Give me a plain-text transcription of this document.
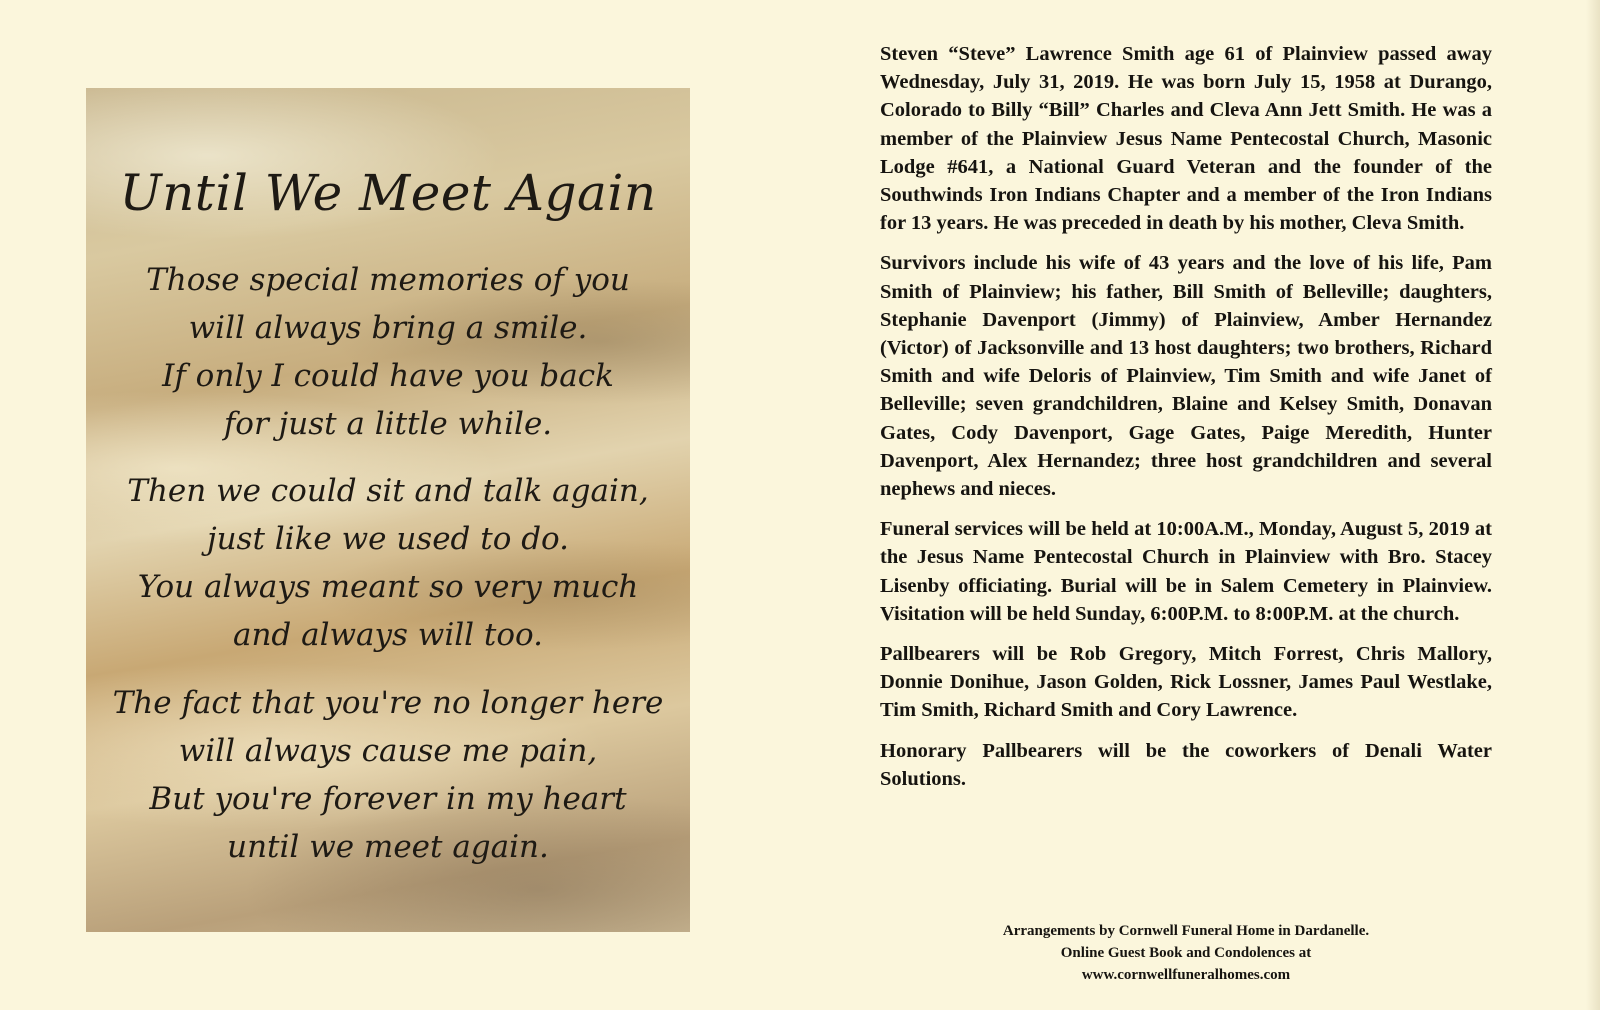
Until We Meet Again
Those special memories of you
will always bring a smile.
If only I could have you back
for just a little while.
Then we could sit and talk again,
just like we used to do.
You always meant so very much
and always will too.
The fact that you're no longer here
will always cause me pain,
But you're forever in my heart
until we meet again.

Steven “Steve” Lawrence Smith age 61 of Plainview passed away Wednesday, July 31, 2019. He was born July 15, 1958 at Durango, Colorado to Billy “Bill” Charles and Cleva Ann Jett Smith. He was a member of the Plainview Jesus Name Pentecostal Church, Masonic Lodge #641, a National Guard Veteran and the founder of the Southwinds Iron Indians Chapter and a member of the Iron Indians for 13 years. He was preceded in death by his mother, Cleva Smith.

Survivors include his wife of 43 years and the love of his life, Pam Smith of Plainview; his father, Bill Smith of Belleville; daughters, Stephanie Davenport (Jimmy) of Plainview, Amber Hernandez (Victor) of Jacksonville and 13 host daughters; two brothers, Richard Smith and wife Deloris of Plainview, Tim Smith and wife Janet of Belleville; seven grandchildren, Blaine and Kelsey Smith, Donavan Gates, Cody Davenport, Gage Gates, Paige Meredith, Hunter Davenport, Alex Hernandez; three host grandchildren and several nephews and nieces.

Funeral services will be held at 10:00A.M., Monday, August 5, 2019 at the Jesus Name Pentecostal Church in Plainview with Bro. Stacey Lisenby officiating. Burial will be in Salem Cemetery in Plainview. Visitation will be held Sunday, 6:00P.M. to 8:00P.M. at the church.

Pallbearers will be Rob Gregory, Mitch Forrest, Chris Mallory, Donnie Donihue, Jason Golden, Rick Lossner, James Paul Westlake, Tim Smith, Richard Smith and Cory Lawrence.

Honorary Pallbearers will be the coworkers of Denali Water Solutions.

Arrangements by Cornwell Funeral Home in Dardanelle.
Online Guest Book and Condolences at
www.cornwellfuneralhomes.com
